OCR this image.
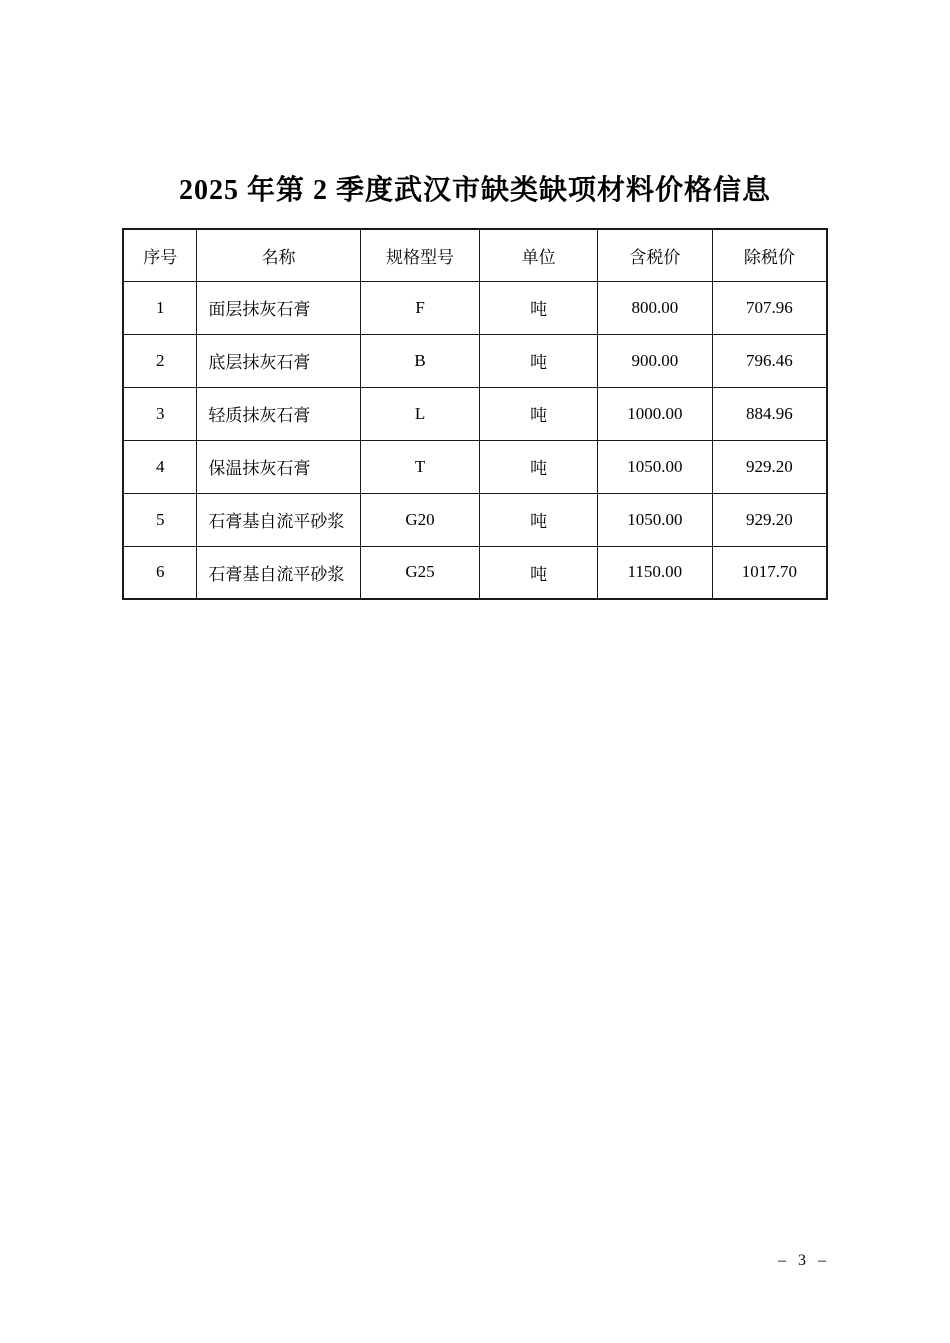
2025 年第 2 季度武汉市缺类缺项材料价格信息
序号	名称	规格型号	单位	含税价	除税价
1	面层抹灰石膏	F	吨	800.00	707.96
2	底层抹灰石膏	B	吨	900.00	796.46
3	轻质抹灰石膏	L	吨	1000.00	884.96
4	保温抹灰石膏	T	吨	1050.00	929.20
5	石膏基自流平砂浆	G20	吨	1050.00	929.20
6	石膏基自流平砂浆	G25	吨	1150.00	1017.70
– 3 –
